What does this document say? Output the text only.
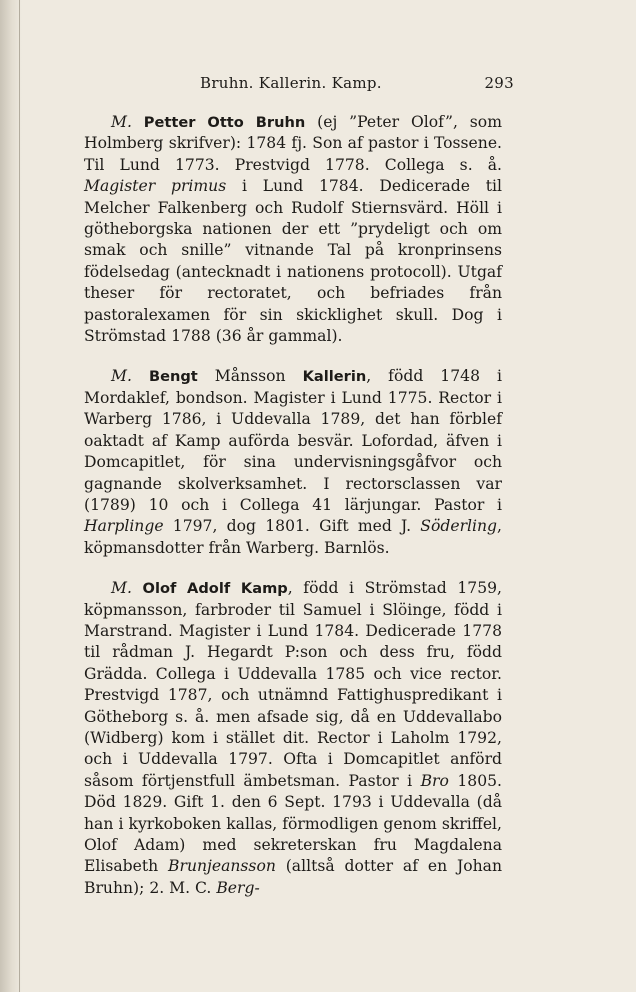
Bruhn. Kallerin. Kamp.	293

M. Petter Otto Bruhn (ej ”Peter Olof”, som Holmberg skrifver): 1784 fj. Son af pastor i Tossene. Til Lund 1773. Prestvigd 1778. Collega s. å. Magister primus i Lund 1784. Dedicerade til Melcher Falkenberg och Rudolf Stiernsvärd. Höll i götheborgska nationen der ett ”prydeligt och om smak och snille” vitnande Tal på kronprinsens födelsedag (antecknadt i nationens protocoll). Utgaf theser för rectoratet, och befriades från pastoralexamen för sin skicklighet skull. Dog i Strömstad 1788 (36 år gammal).

M. Bengt Månsson Kallerin, född 1748 i Mordaklef, bondson. Magister i Lund 1775. Rector i Warberg 1786, i Uddevalla 1789, det han förblef oaktadt af Kamp auförda besvär. Lofordad, äfven i Domcapitlet, för sina undervisningsgåfvor och gagnande skolverksamhet. I rectorsclassen var (1789) 10 och i Collega 41 lärjungar. Pastor i Harplinge 1797, dog 1801. Gift med J. Söderling, köpmansdotter från Warberg. Barnlös.

M. Olof Adolf Kamp, född i Strömstad 1759, köpmansson, farbroder til Samuel i Slöinge, född i Marstrand. Magister i Lund 1784. Dedicerade 1778 til rådman J. Hegardt P:son och dess fru, född Grädda. Collega i Uddevalla 1785 och vice rector. Prestvigd 1787, och utnämnd Fattighuspredikant i Götheborg s. å. men afsade sig, då en Uddevallabo (Widberg) kom i stället dit. Rector i Laholm 1792, och i Uddevalla 1797. Ofta i Domcapitlet anförd såsom förtjenstfull ämbetsman. Pastor i Bro 1805. Död 1829. Gift 1. den 6 Sept. 1793 i Uddevalla (då han i kyrkoboken kallas, förmodligen genom skriffel, Olof Adam) med sekreterskan fru Magdalena Elisabeth Brunjeansson (alltså dotter af en Johan Bruhn); 2. M. C. Berg-
